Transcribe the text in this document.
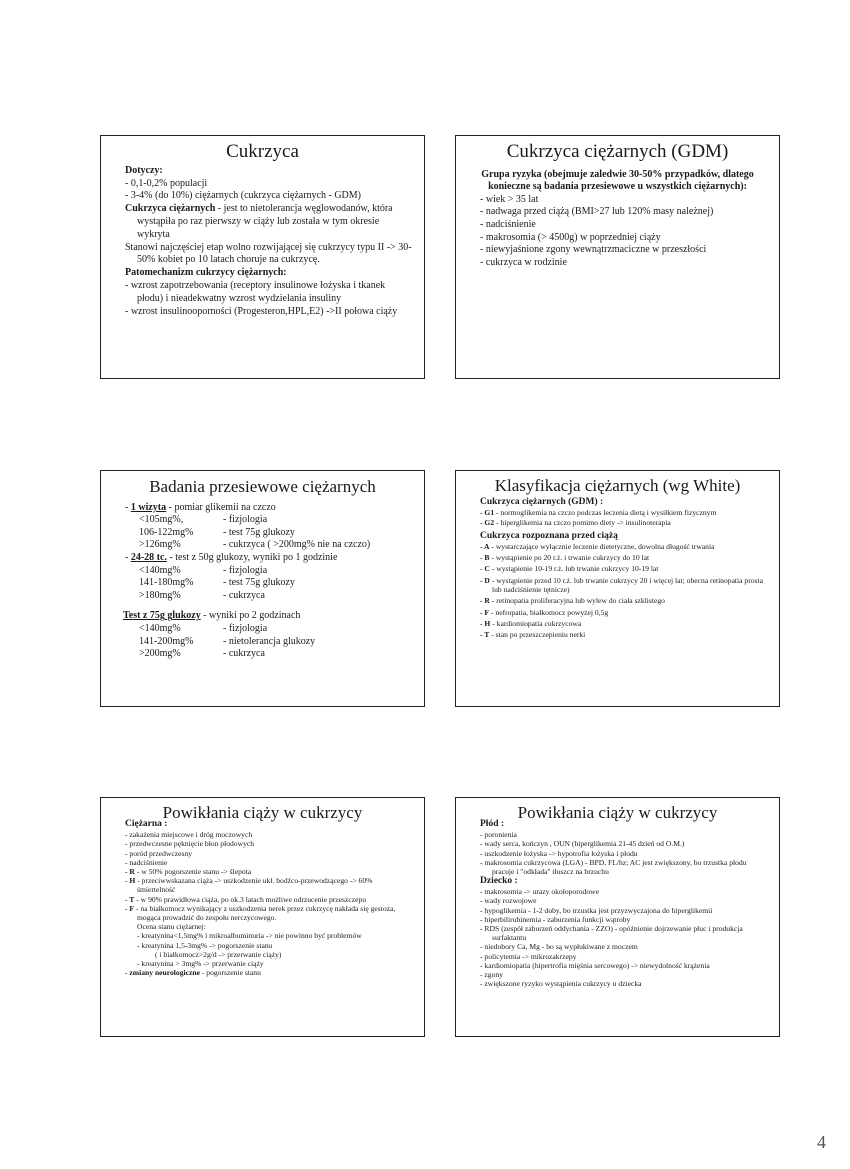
Cukrzyca
Dotyczy:
- 0,1-0,2% populacji
- 3-4% (do 10%) ciężarnych (cukrzyca ciężarnych - GDM)
Cukrzyca ciężarnych - jest to nietolerancja węglowodanów, która wystąpiła po raz pierwszy w ciąży lub została w tym okresie wykryta
Stanowi najczęściej etap wolno rozwijającej się cukrzycy typu II -> 30-50% kobiet po 10 latach choruje na cukrzycę.
Patomechanizm cukrzycy ciężarnych:
- wzrost zapotrzebowania (receptory insulinowe łożyska i tkanek płodu) i nieadekwatny wzrost wydzielania insuliny
- wzrost insulinooporności (Progesteron,HPL,E2) ->II połowa ciąży
Cukrzyca ciężarnych (GDM)
Grupa ryzyka (obejmuje zaledwie 30-50% przypadków, dlatego konieczne są badania przesiewowe u wszystkich ciężarnych):
- wiek > 35 lat
- nadwaga przed ciążą (BMI>27 lub 120% masy należnej)
- nadciśnienie
- makrosomia (> 4500g) w poprzedniej ciąży
- niewyjaśnione zgony wewnątrzmaciczne w przeszłości
- cukrzyca w rodzinie
Badania przesiewowe ciężarnych
- 1 wizyta - pomiar glikemii na czczo
<105mg%,	- fizjologia
106-122mg%	- test 75g glukozy
>126mg%	- cukrzyca ( >200mg% nie na czczo)
- 24-28 tc. - test z 50g glukozy, wyniki po 1 godzinie
<140mg%	- fizjologia
141-180mg%	- test 75g glukozy
>180mg%	- cukrzyca
Test z 75g glukozy - wyniki po 2 godzinach
<140mg%	- fizjologia
141-200mg%	- nietolerancja glukozy
>200mg%	- cukrzyca
Klasyfikacja ciężarnych (wg White)
Cukrzyca ciężarnych (GDM) :
- G1 - normoglikemia na czczo podczas leczenia dietą i wysiłkiem fizycznym
- G2 - hiperglikemia na czczo pomimo diety -> insulinoterapia
Cukrzyca rozpoznana przed ciążą
- A - wystarczające wyłącznie leczenie dietetyczne, dowolna długość trwania
- B - wystąpienie po 20 r.ż. i trwanie cukrzycy do 10 lat
- C - wystąpienie 10-19 r.ż. lub trwanie cukrzycy 10-19 lat
- D - wystąpienie przed 10 r.ż. lub trwanie cukrzycy 20 i więcej lat; obecna retinopatia prosta lub nadciśnienie tętnicze)
- R - retinopatia proliferacyjna lub wylew do ciała szklistego
- F - nefropatia, białkomocz powyżej 0,5g
- H - kardiomiopatia cukrzycowa
- T - stan po przeszczepieniu nerki
Powikłania ciąży w cukrzycy
Ciężarna :
- zakażenia miejscowe i dróg moczowych
- przedwczesne pęknięcie błon płodowych
- poród przedwczesny
- nadciśnienie
- R - w 50% pogorszenie stanu -> ślepota
- H - przeciwwskazana ciąża -> uszkodzenie ukł. bodźco-przewodzącego -> 60% śmiertelność
- T - w 90% prawidłowa ciąża, po ok.3 latach możliwe odrzucenie przeszczepu
- F - na białkomocz wynikający z uszkodzenia nerek przez cukrzycę nakłada się gestoza, mogąca prowadzić do zespołu nerczycowego.
Ocena stanu ciężarnej:
- kreatynina<1,5mg% i mikroalbuminuria -> nie powinno być problemów
- kreatynina 1,5-3mg% -> pogorszenie stanu
( i białkomocz>2g/d -> przerwanie ciąży)
- kreatynina > 3mg% -> przerwanie ciąży
- zmiany neurologiczne - pogorszenie stanu
Powikłania ciąży w cukrzycy
Płód :
- poronienia
- wady serca, kończyn , OUN (hiperglikemia 21-45 dzień od O.M.)
- uszkodzenie łożyska -> hypotrofia łożyska i płodu
- makrosomia cukrzycowa (LGA) - BPD, FL/hz; AC jest zwiększony, bo trzustka płodu pracuje i "odkłada" tłuszcz na brzuchu
Dziecko :
- makrosomia -> urazy okołoporodowe
- wady rozwojowe
- hypoglikemia - 1-2 doby, bo trzustka jest przyzwyczajona do hiperglikemii
- hiperbilirubinemia - zaburzenia funkcji wątroby
- RDS (zespół zaburzeń oddychania - ZZO) - opóźnienie dojrzewanie płuc i produkcja surfaktantu
- niedobory Ca, Mg - bo są wypłukiwane z moczem
- policytemia -> mikrozakrzepy
- kardiomiopatia (hipertrofia mięśnia sercowego) -> niewydolność krążenia
- zgony
- zwiększone ryzyko wystąpienia cukrzycy u dziecka
4
